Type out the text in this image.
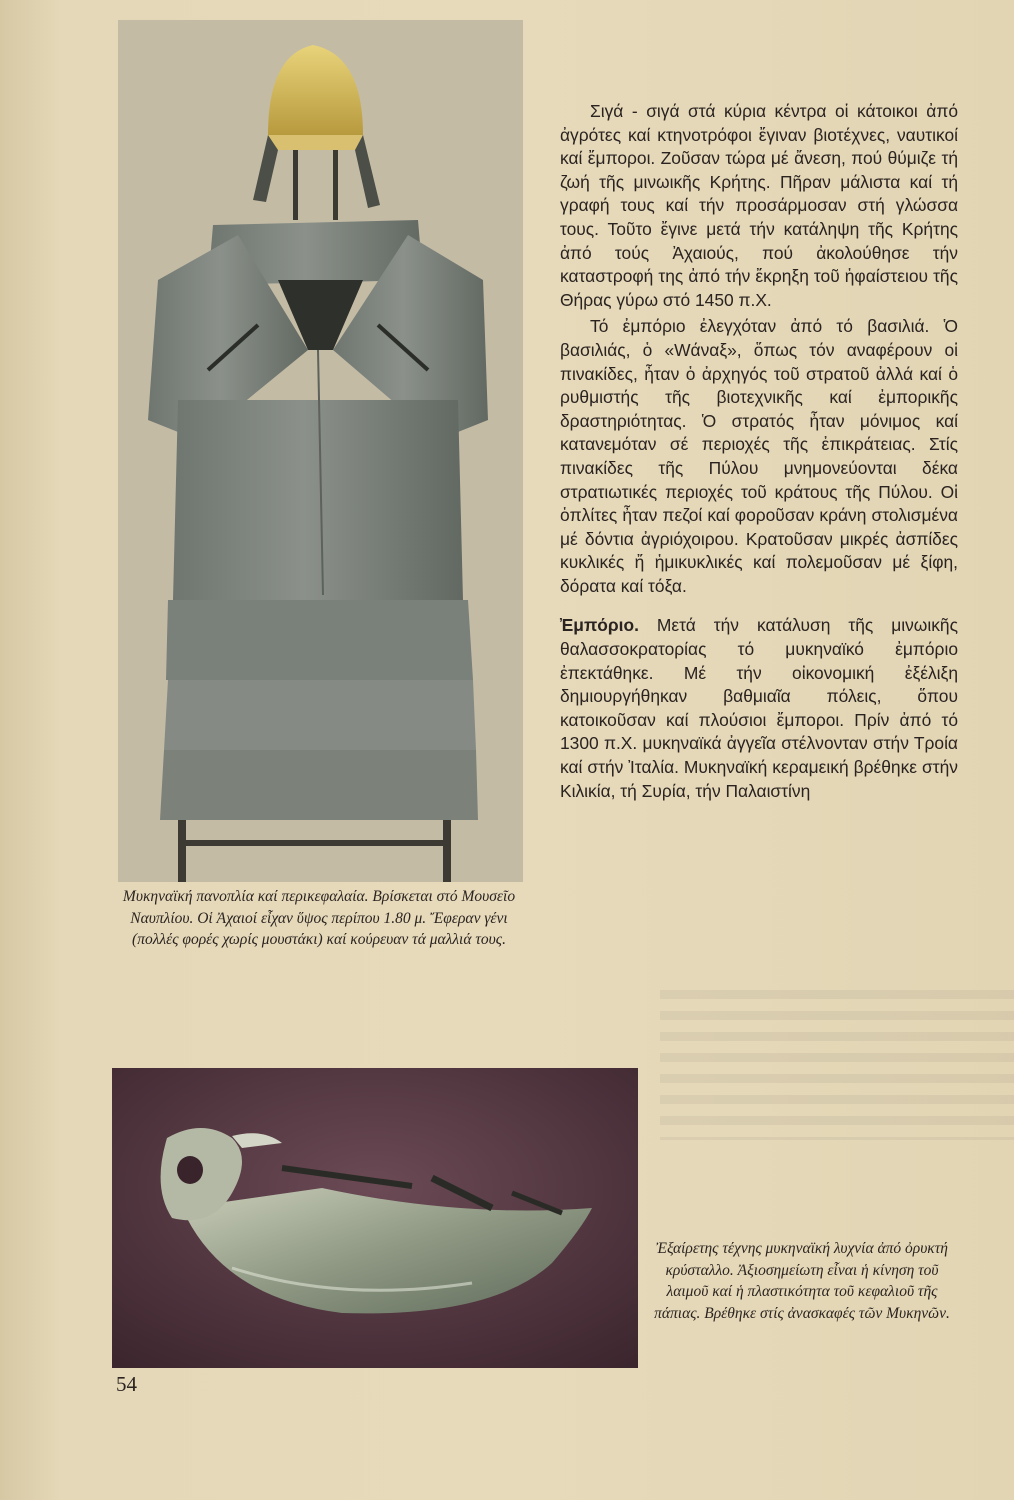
Μυκηναϊκή πανοπλία καί περικεφαλαία. Βρίσκεται στό Μουσεῖο Ναυπλίου. Οἱ Ἀχαιοί εἶχαν ὕψος περίπου 1.80 μ. Ἔφεραν γένι (πολλές φορές χωρίς μουστάκι) καί κούρευαν τά μαλλιά τους.

Σιγά - σιγά στά κύρια κέντρα οἱ κάτοικοι ἀπό ἀγρότες καί κτηνοτρόφοι ἔγιναν βιοτέχνες, ναυτικοί καί ἔμποροι. Ζοῦσαν τώρα μέ ἄνεση, πού θύμιζε τή ζωή τῆς μινωικῆς Κρήτης. Πῆραν μάλιστα καί τή γραφή τους καί τήν προσάρμοσαν στή γλώσσα τους. Τοῦτο ἔγινε μετά τήν κατάληψη τῆς Κρήτης ἀπό τούς Ἀχαιούς, πού ἀκολούθησε τήν καταστροφή της ἀπό τήν ἔκρηξη τοῦ ἡφαίστειου τῆς Θήρας γύρω στό 1450 π.Χ.

Τό ἐμπόριο ἐλεγχόταν ἀπό τό βασιλιά. Ὁ βασιλιάς, ὁ «Wάναξ», ὅπως τόν αναφέρουν οἱ πινακίδες, ἦταν ὁ ἀρχηγός τοῦ στρατοῦ ἀλλά καί ὁ ρυθμιστής τῆς βιοτεχνικῆς καί ἐμπορικῆς δραστηριότητας. Ὁ στρατός ἦταν μόνιμος καί κατανεμόταν σέ περιοχές τῆς ἐπικράτειας. Στίς πινακίδες τῆς Πύλου μνημονεύονται δέκα στρατιωτικές περιοχές τοῦ κράτους τῆς Πύλου. Οἱ ὁπλίτες ἦταν πεζοί καί φοροῦσαν κράνη στολισμένα μέ δόντια ἀγριόχοιρου. Κρατοῦσαν μικρές ἀσπίδες κυκλικές ἤ ἡμικυκλικές καί πολεμοῦσαν μέ ξίφη, δόρατα καί τόξα.

Ἐμπόριο. Μετά τήν κατάλυση τῆς μινωικῆς θαλασσοκρατορίας τό μυκηναϊκό ἐμπόριο ἐπεκτάθηκε. Μέ τήν οἰκονομική ἐξέλιξη δημιουργήθηκαν βαθμιαῖα πόλεις, ὅπου κατοικοῦσαν καί πλούσιοι ἔμποροι. Πρίν ἀπό τό 1300 π.Χ. μυκηναϊκά ἀγγεῖα στέλνονταν στήν Τροία καί στήν Ἰταλία. Μυκηναϊκή κεραμεική βρέθηκε στήν Κιλικία, τή Συρία, τήν Παλαιστίνη

Ἐξαίρετης τέχνης μυκηναϊκή λυχνία ἀπό ὀρυκτή κρύσταλλο. Ἀξιοσημείωτη εἶναι ἡ κίνηση τοῦ λαιμοῦ καί ἡ πλαστικότητα τοῦ κεφαλιοῦ τῆς πάπιας. Βρέθηκε στίς ἀνασκαφές τῶν Μυκηνῶν.
54
